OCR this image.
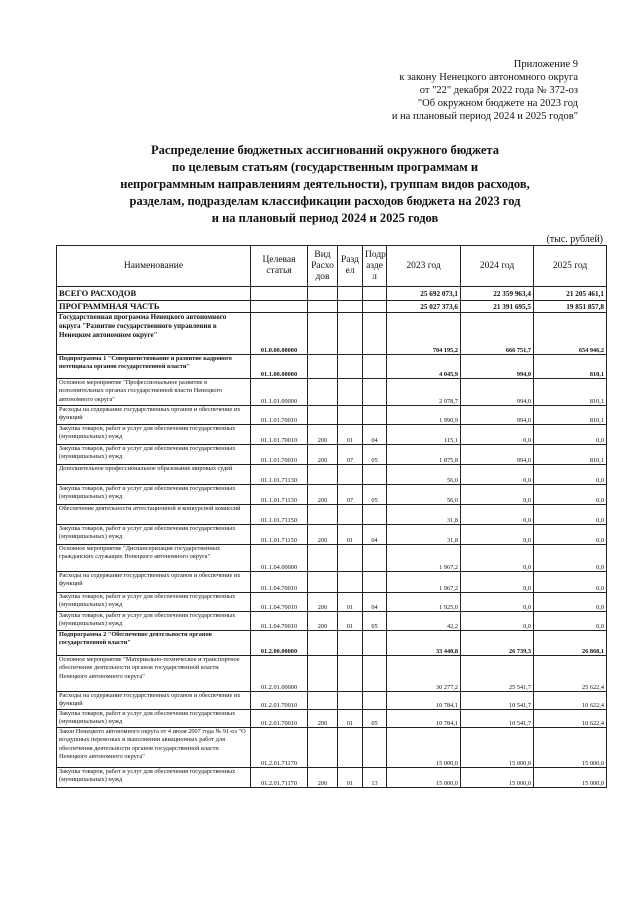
Приложение 9
к закону Ненецкого автономного округа
от "22" декабря 2022 года № 372-оз
"Об окружном бюджете на 2023 год
и на плановый период 2024 и 2025 годов"
Распределение бюджетных ассигнований окружного бюджета
по целевым статьям (государственным программам и
непрограммным направлениям деятельности), группам видов расходов,
разделам, подразделам классификации расходов бюджета на 2023 год
и на плановый период 2024 и 2025 годов
(тыс. рублей)
Наименование	Целевая статья	Вид Расхо дов	Разд ел	Подр азде л	2023 год	2024 год	2025 год
ВСЕГО РАСХОДОВ					25 692 073,1	22 359 963,4	21 205 461,1
ПРОГРАММНАЯ ЧАСТЬ					25 027 373,6	21 391 695,5	19 851 857,8
Государственная программа Ненецкого автономного округа "Развитие государственного управления в Ненецком автономном округе"	01.0.00.00000				704 195,2	666 751,7	654 946,2
Подпрограмма 1 "Совершенствование и развитие кадрового потенциала органов государственной власти"	01.1.00.00000				4 045,9	994,0	810,1
Основное мероприятие "Профессиональное развитие в исполнительных органах государственной власти Ненецкого автономного округа"	01.1.01.00000				2 078,7	994,0	810,1
Расходы на содержание государственных органов и обеспечение их функций	01.1.01.70010				1 990,9	994,0	810,1
Закупка товаров, работ и услуг для обеспечения государственных (муниципальных) нужд	01.1.01.70010	200	01	04	115,1	0,0	0,0
Закупка товаров, работ и услуг для обеспечения государственных (муниципальных) нужд	01.1.01.70010	200	07	05	1 875,8	994,0	810,1
Дополнительное профессиональное образование мировых судей	01.1.01.71130				56,0	0,0	0,0
Закупка товаров, работ и услуг для обеспечения государственных (муниципальных) нужд	01.1.01.71130	200	07	05	56,0	0,0	0,0
Обеспечение деятельности аттестационной и конкурсной комиссий	01.1.01.71150				31,8	0,0	0,0
Закупка товаров, работ и услуг для обеспечения государственных (муниципальных) нужд	01.1.01.71150	200	01	04	31,8	0,0	0,0
Основное мероприятие "Диспансеризация государственных гражданских служащих Ненецкого автономного округа"	01.1.04.00000				1 967,2	0,0	0,0
Расходы на содержание государственных органов и обеспечение их функций	01.1.04.70010				1 967,2	0,0	0,0
Закупка товаров, работ и услуг для обеспечения государственных (муниципальных) нужд	01.1.04.70010	200	01	04	1 925,0	0,0	0,0
Закупка товаров, работ и услуг для обеспечения государственных (муниципальных) нужд	01.1.04.70010	200	01	05	42,2	0,0	0,0
Подпрограмма 2 "Обеспечение деятельности органов государственной власти"	01.2.00.00000				33 440,8	26 739,3	26 868,1
Основное мероприятие "Материально-техническое и транспортное обеспечение деятельности органов государственной власти Ненецкого автономного округа"	01.2.01.00000				30 277,2	25 541,7	25 622,4
Расходы на содержание государственных органов и обеспечение их функций	01.2.01.70010				10 784,1	10 541,7	10 622,4
Закупка товаров, работ и услуг для обеспечения государственных (муниципальных) нужд	01.2.01.70010	200	01	05	10 784,1	10 541,7	10 622,4
Закон Ненецкого автономного округа от 4 июля 2007 года № 91-оз "О воздушных перевозках и выполнении авиационных работ для обеспечения деятельности органов государственной власти Ненецкого автономного округа"	01.2.01.71170				15 000,0	15 000,0	15 000,0
Закупка товаров, работ и услуг для обеспечения государственных (муниципальных) нужд	01.2.01.71170	200	01	13	15 000,0	15 000,0	15 000,0
